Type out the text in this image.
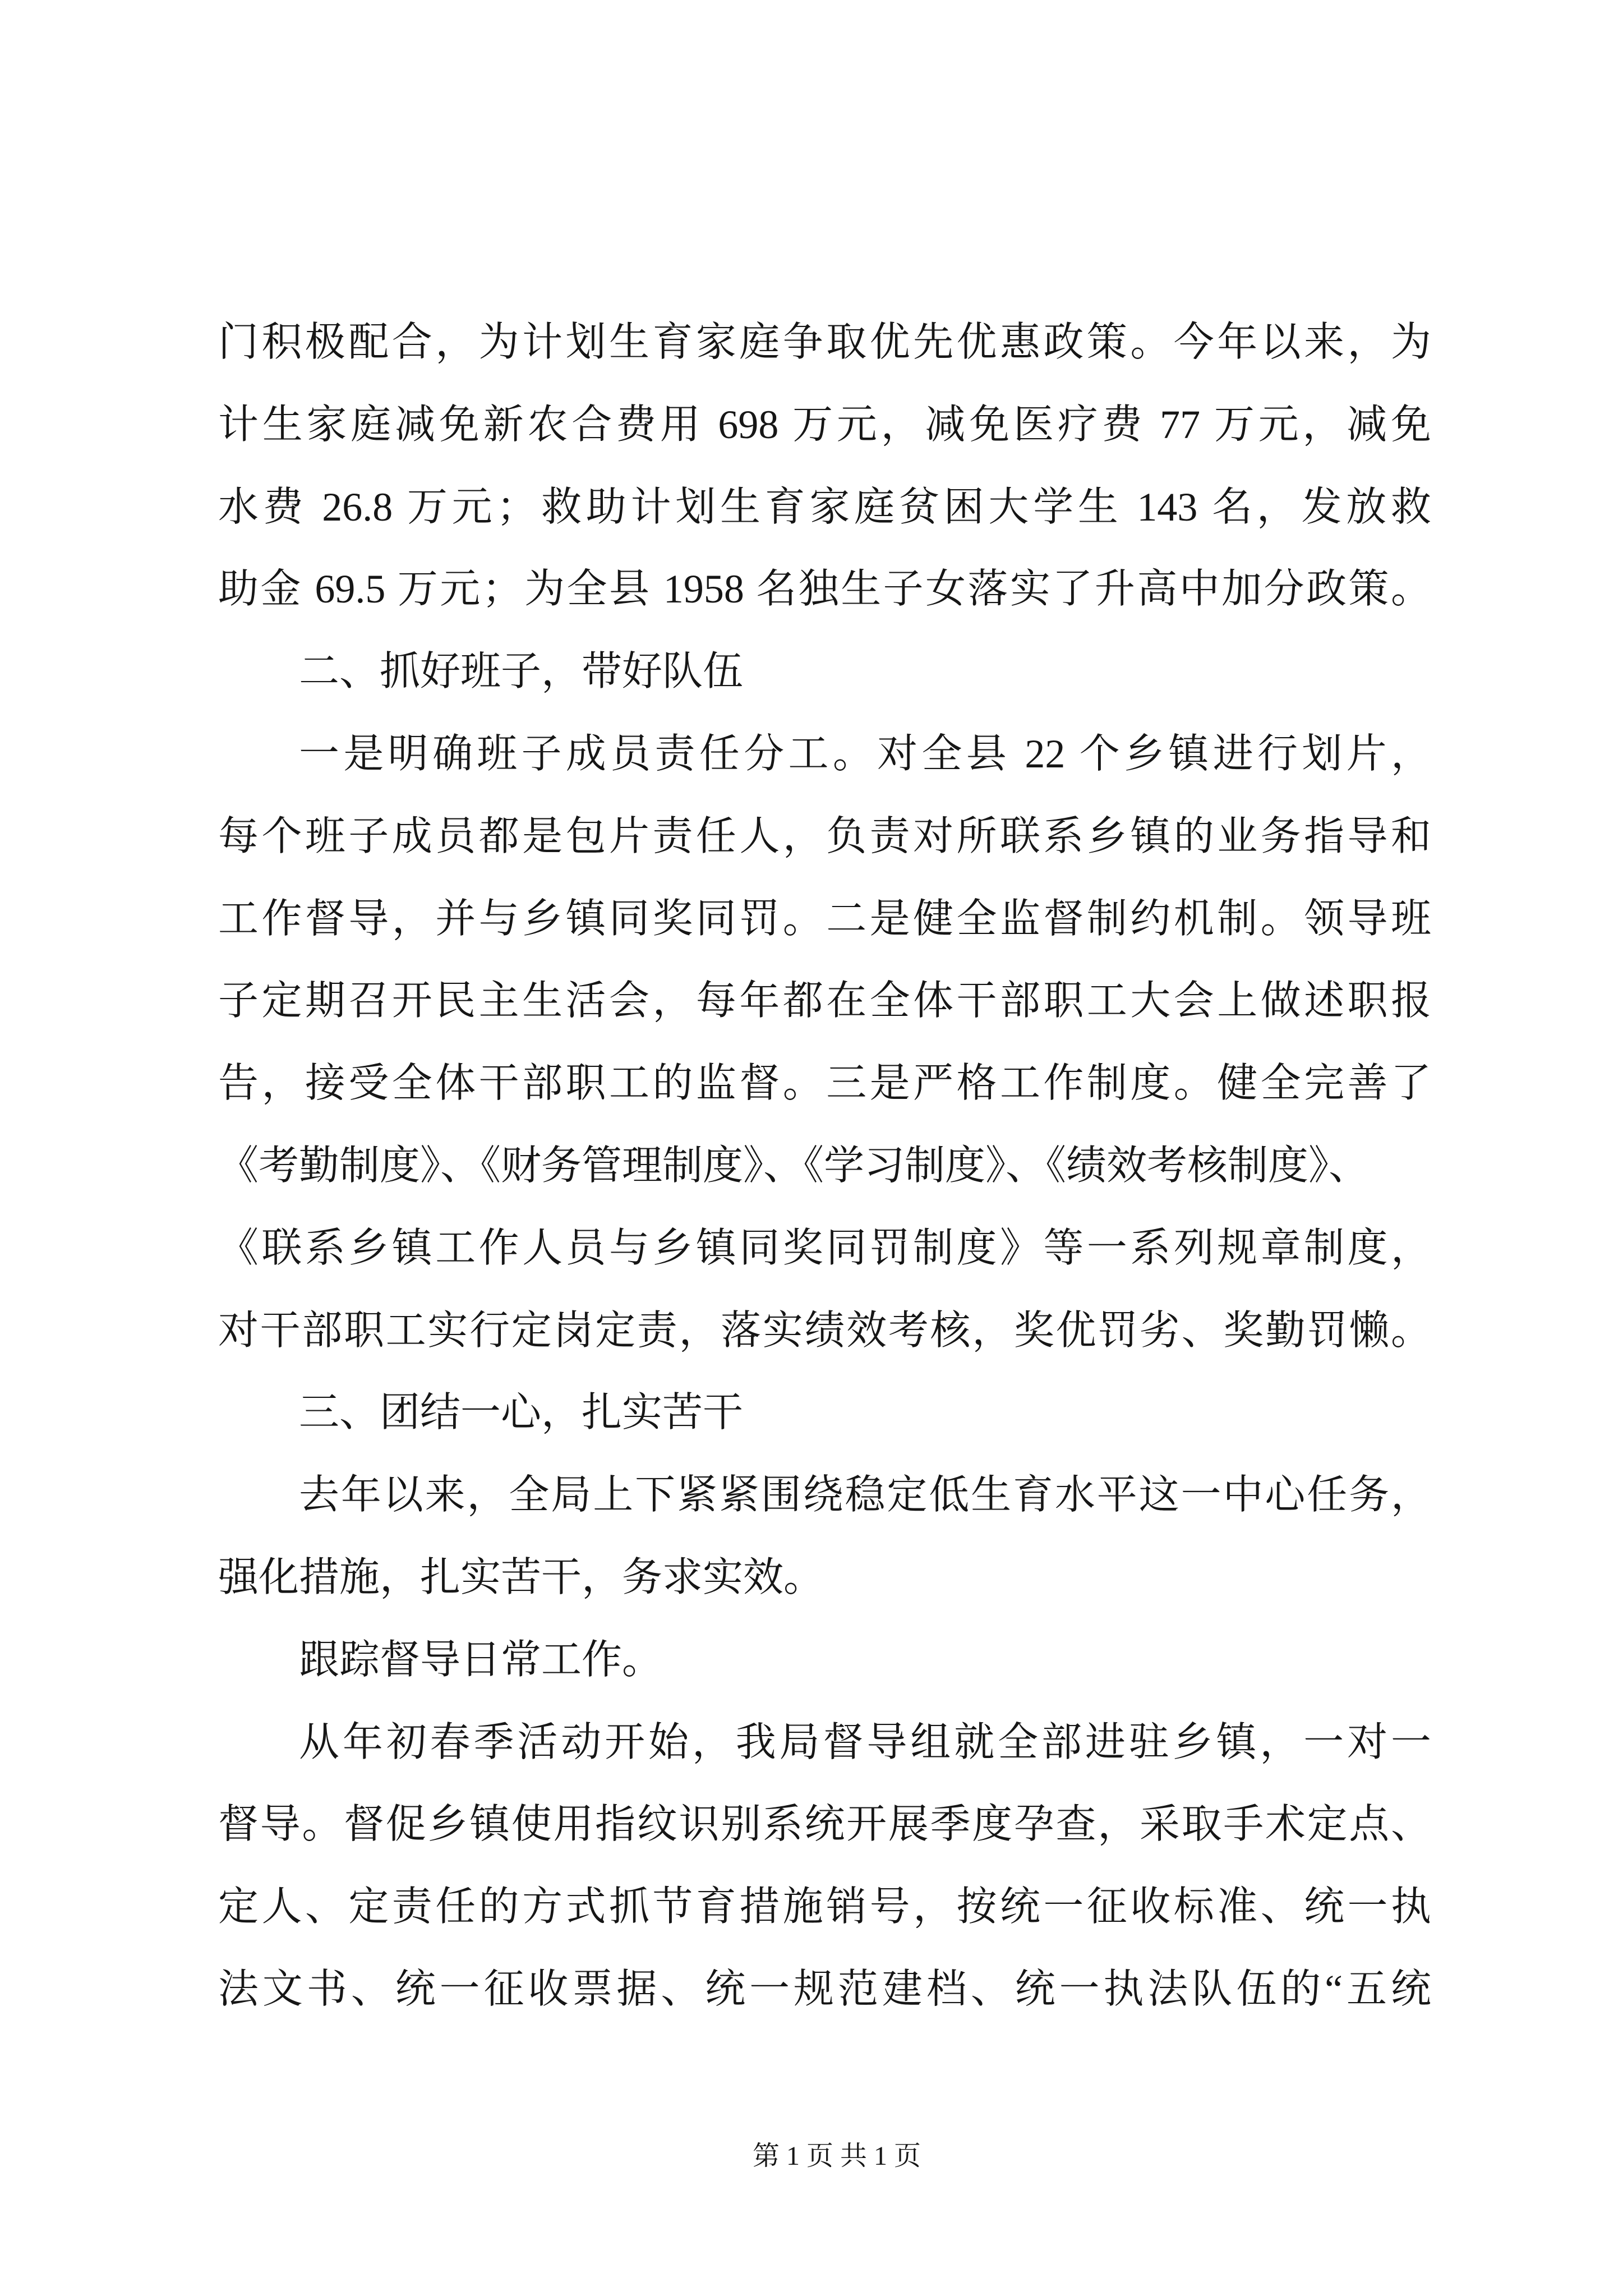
门积极配合，为计划生育家庭争取优先优惠政策。今年以来，为
计生家庭减免新农合费用 698 万元，减免医疗费 77 万元，减免
水费 26.8 万元；救助计划生育家庭贫困大学生 143 名，发放救
助金 69.5 万元；为全县 1958 名独生子女落实了升高中加分政策。
二、抓好班子，带好队伍
一是明确班子成员责任分工。对全县 22 个乡镇进行划片，
每个班子成员都是包片责任人，负责对所联系乡镇的业务指导和
工作督导，并与乡镇同奖同罚。二是健全监督制约机制。领导班
子定期召开民主生活会，每年都在全体干部职工大会上做述职报
告，接受全体干部职工的监督。三是严格工作制度。健全完善了
《考勤制度》、《财务管理制度》、《学习制度》、《绩效考核制度》、
《联系乡镇工作人员与乡镇同奖同罚制度》等一系列规章制度，
对干部职工实行定岗定责，落实绩效考核，奖优罚劣、奖勤罚懒。
三、团结一心，扎实苦干
去年以来，全局上下紧紧围绕稳定低生育水平这一中心任务，
强化措施，扎实苦干，务求实效。
跟踪督导日常工作。
从年初春季活动开始，我局督导组就全部进驻乡镇，一对一
督导。督促乡镇使用指纹识别系统开展季度孕查，采取手术定点、
定人、定责任的方式抓节育措施销号，按统一征收标准、统一执
法文书、统一征收票据、统一规范建档、统一执法队伍的“五统
第 1 页 共 1 页
